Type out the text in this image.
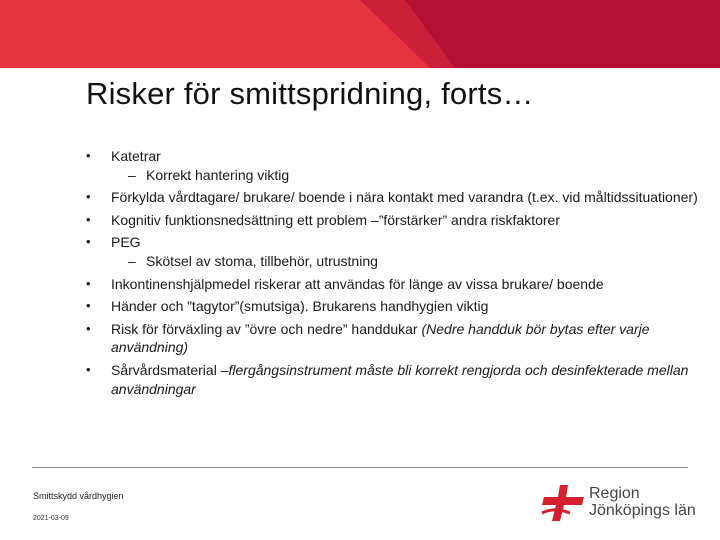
Risker för smittspridning, forts…
• Katetrar
– Korrekt hantering viktig
• Förkylda vårdtagare/ brukare/ boende i nära kontakt med varandra (t.ex. vid måltidssituationer)
• Kognitiv funktionsnedsättning ett problem –”förstärker” andra riskfaktorer
• PEG
– Skötsel av stoma, tillbehör, utrustning
• Inkontinenshjälpmedel riskerar att användas för länge av vissa brukare/ boende
• Händer och ”tagytor”(smutsiga). Brukarens handhygien viktig
• Risk för förväxling av ”övre och nedre” handdukar (Nedre handduk bör bytas efter varje användning)
• Sårvårdsmaterial –flergångsinstrument måste bli korrekt rengjorda och desinfekterade mellan användningar
Smittskydd vårdhygien
2021-03-09
Region
Jönköpings län
